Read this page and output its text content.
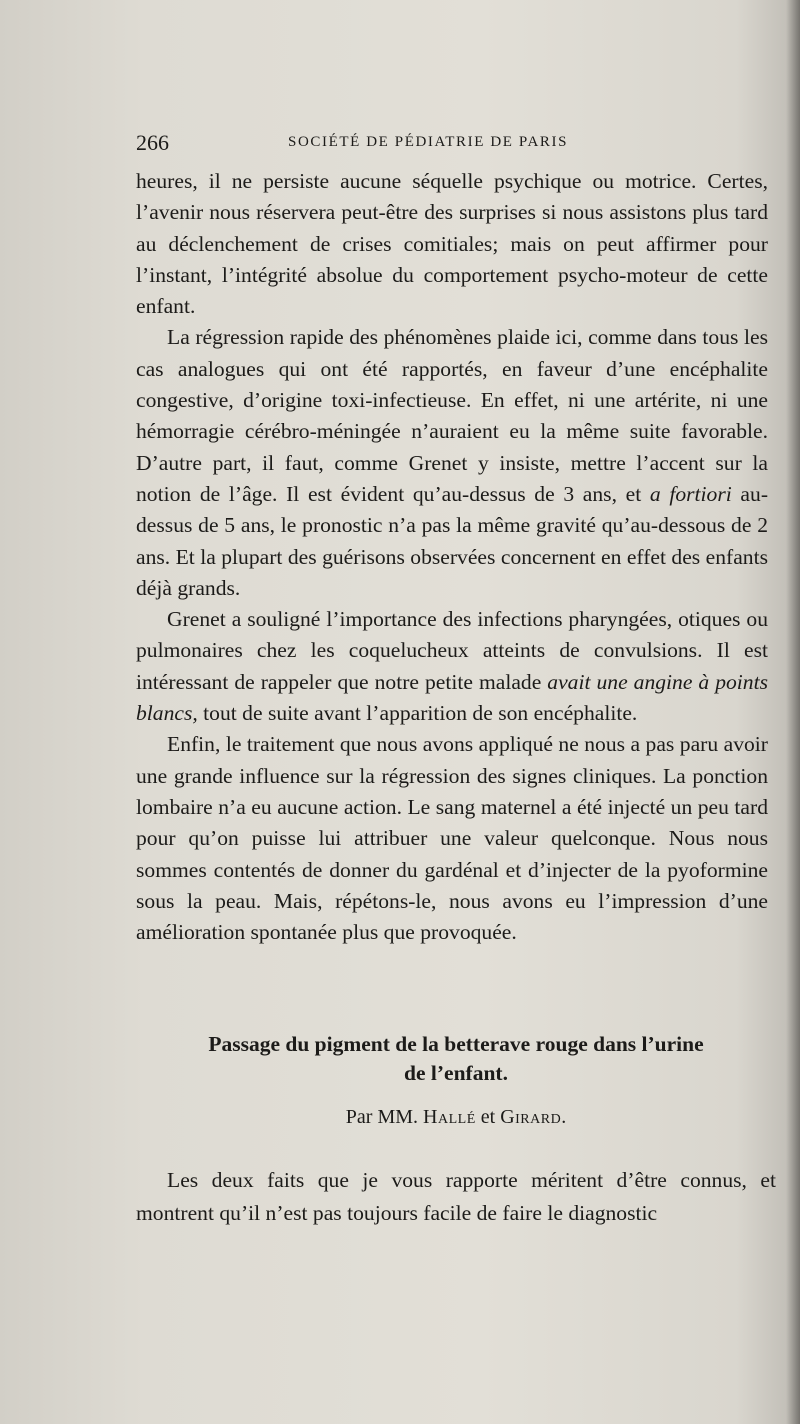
266	SOCIÉTÉ DE PÉDIATRIE DE PARIS

heures, il ne persiste aucune séquelle psychique ou motrice. Certes, l’avenir nous réservera peut-être des surprises si nous assistons plus tard au déclenchement de crises comitiales; mais on peut affirmer pour l’instant, l’intégrité absolue du comportement psycho-moteur de cette enfant.

La régression rapide des phénomènes plaide ici, comme dans tous les cas analogues qui ont été rapportés, en faveur d’une encéphalite congestive, d’origine toxi-infectieuse. En effet, ni une artérite, ni une hémorragie cérébro-méningée n’auraient eu la même suite favorable. D’autre part, il faut, comme Grenet y insiste, mettre l’accent sur la notion de l’âge. Il est évident qu’au-dessus de 3 ans, et a fortiori au-dessus de 5 ans, le pronostic n’a pas la même gravité qu’au-dessous de 2 ans. Et la plupart des guérisons observées concernent en effet des enfants déjà grands.

Grenet a souligné l’importance des infections pharyngées, otiques ou pulmonaires chez les coquelucheux atteints de convulsions. Il est intéressant de rappeler que notre petite malade avait une angine à points blancs, tout de suite avant l’apparition de son encéphalite.

Enfin, le traitement que nous avons appliqué ne nous a pas paru avoir une grande influence sur la régression des signes cliniques. La ponction lombaire n’a eu aucune action. Le sang maternel a été injecté un peu tard pour qu’on puisse lui attribuer une valeur quelconque. Nous nous sommes contentés de donner du gardénal et d’injecter de la pyoformine sous la peau. Mais, répétons-le, nous avons eu l’impression d’une amélioration spontanée plus que provoquée.

Passage du pigment de la betterave rouge dans l’urine
de l’enfant.
Par MM. Hallé et Girard.

Les deux faits que je vous rapporte méritent d’être connus, et montrent qu’il n’est pas toujours facile de faire le diagnostic
